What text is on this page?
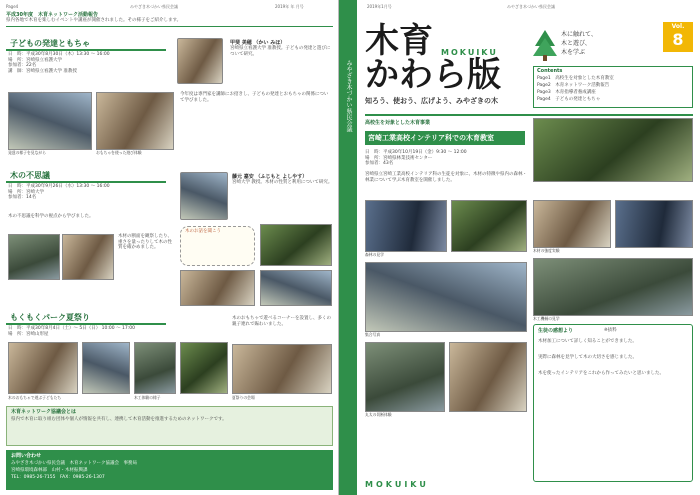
Page4	みやざき木づかい県民会議	2019年 年 月号
平成30年度　木育ネットワーク活動報告
県内各地で木育を楽しむイベントや講座が開催されました。その様子をご紹介します。
子どもの発達ともちゃ
日　時：平成30年8月30日（木）13:30 ～ 16:00
場　所：宮崎県立看護大学
参加者：22名
講　師：宮崎県立看護大学 准教授
甲斐 美穂 （かい みほ）
宮崎県立看護大学 准教授。子どもの発達と遊びについて研究。
発達の様子を見ながら	おもちゃを使った遊び体験
今年度は専門家を講師にお招きし、子どもの発達とおもちゃの関係について学びました。
木の不思議
日　時：平成30年9月26日（水）13:30 ～ 16:00
場　所：宮崎大学
参加者：14名
藤元 嘉安 （ふじもと よしやす）
宮崎大学 教授。木材の性質と利用について研究。
木の不思議を科学の視点から学びました。
木材の断面を観察したり、重さを量ったりして木の性質を確かめました。
木のお話を聞こう
もくもくパーク夏祭り
日　時：平成30年8月4日（土）～ 5日（日） 10:00 ～ 17:00
場　所：宮崎山形屋
木のおもちゃで遊べるコーナーを設置し、多くの親子連れで賑わいました。
木のおもちゃで遊ぶ子どもたち	木工体験の様子	夏祭りの会場
木育ネットワーク協議会とは
県内で木育に取り組む団体や個人が情報を共有し、連携して木育活動を推進するためのネットワークです。
お問い合わせ
みやざき木づかい県民会議　木育ネットワーク協議会　事務局
宮崎県環境森林部　山村・木材振興課
TEL：0985-26-7155　FAX：0985-26-1307
みやざき木づかい県民会議
2019年1月号	みやざき木づかい県民会議
木育
かわら版
MOKUIKU
知ろう、使おう、広げよう、みやざきの木
木に触れて、
木と遊び、
木を学ぶ
Vol.
8
Contents
Page1　高校生を対象とした木育教室
Page2　木育ネットワーク活動報告
Page3　木育指導者養成講座
Page4　子どもの発達ともちゃ
高校生を対象とした木育事業
宮崎工業高校インテリア科での木育教室
日　時：平成30年10月19日（金）9:30 ～ 12:00
場　所：宮崎県林業技術センター
参加者：43名
宮崎県立宮崎工業高校インテリア科の生徒を対象に、木材の特徴や県内の森林・林業について学ぶ木育教室を開催しました。
森林の見学
集合写真
丸太の切断体験
木材の強度実験
木工機械の見学
生徒の感想より	※抜粋
木材加工について詳しく知ることができました。
実際に森林を見学して木の大切さを感じました。
木を使ったインテリアをこれから作ってみたいと思いました。
MOKUIKU
